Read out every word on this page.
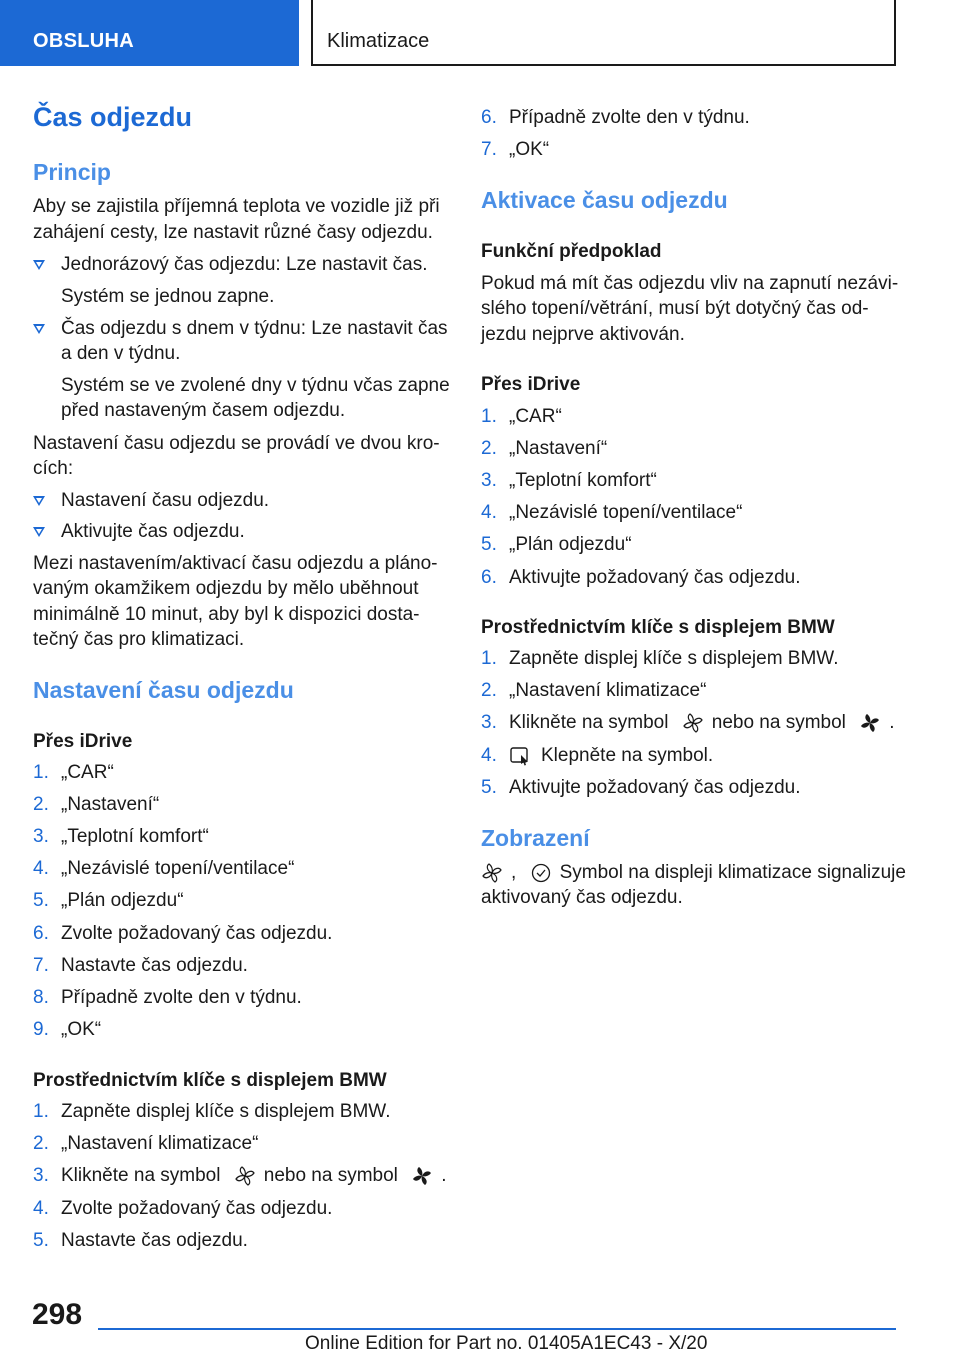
OBSLUHA	Klimatizace
Čas odjezdu
Princip
Aby se zajistila příjemná teplota ve vozidle již při
zahájení cesty, lze nastavit různé časy odjezdu.
Jednorázový čas odjezdu: Lze nastavit čas.
Systém se jednou zapne.
Čas odjezdu s dnem v týdnu: Lze nastavit čas
a den v týdnu.
Systém se ve zvolené dny v týdnu včas zapne
před nastaveným časem odjezdu.
Nastavení času odjezdu se provádí ve dvou kro-
cích:
Nastavení času odjezdu.
Aktivujte čas odjezdu.
Mezi nastavením/aktivací času odjezdu a pláno-
vaným okamžikem odjezdu by mělo uběhnout
minimálně 10 minut, aby byl k dispozici dosta-
tečný čas pro klimatizaci.
Nastavení času odjezdu
Přes iDrive
1. „CAR“
2. „Nastavení“
3. „Teplotní komfort“
4. „Nezávislé topení/ventilace“
5. „Plán odjezdu“
6. Zvolte požadovaný čas odjezdu.
7. Nastavte čas odjezdu.
8. Případně zvolte den v týdnu.
9. „OK“
Prostřednictvím klíče s displejem BMW
1. Zapněte displej klíče s displejem BMW.
2. „Nastavení klimatizace“
3. Klikněte na symbol nebo na symbol .
4. Zvolte požadovaný čas odjezdu.
5. Nastavte čas odjezdu.
6. Případně zvolte den v týdnu.
7. „OK“
Aktivace času odjezdu
Funkční předpoklad
Pokud má mít čas odjezdu vliv na zapnutí nezávi-
slého topení/větrání, musí být dotyčný čas od-
jezdu nejprve aktivován.
Přes iDrive
1. „CAR“
2. „Nastavení“
3. „Teplotní komfort“
4. „Nezávislé topení/ventilace“
5. „Plán odjezdu“
6. Aktivujte požadovaný čas odjezdu.
Prostřednictvím klíče s displejem BMW
1. Zapněte displej klíče s displejem BMW.
2. „Nastavení klimatizace“
3. Klikněte na symbol nebo na symbol .
4. Klepněte na symbol.
5. Aktivujte požadovaný čas odjezdu.
Zobrazení
, Symbol na displeji klimatizace signalizuje
aktivovaný čas odjezdu.
298
Online Edition for Part no. 01405A1EC43 - X/20
